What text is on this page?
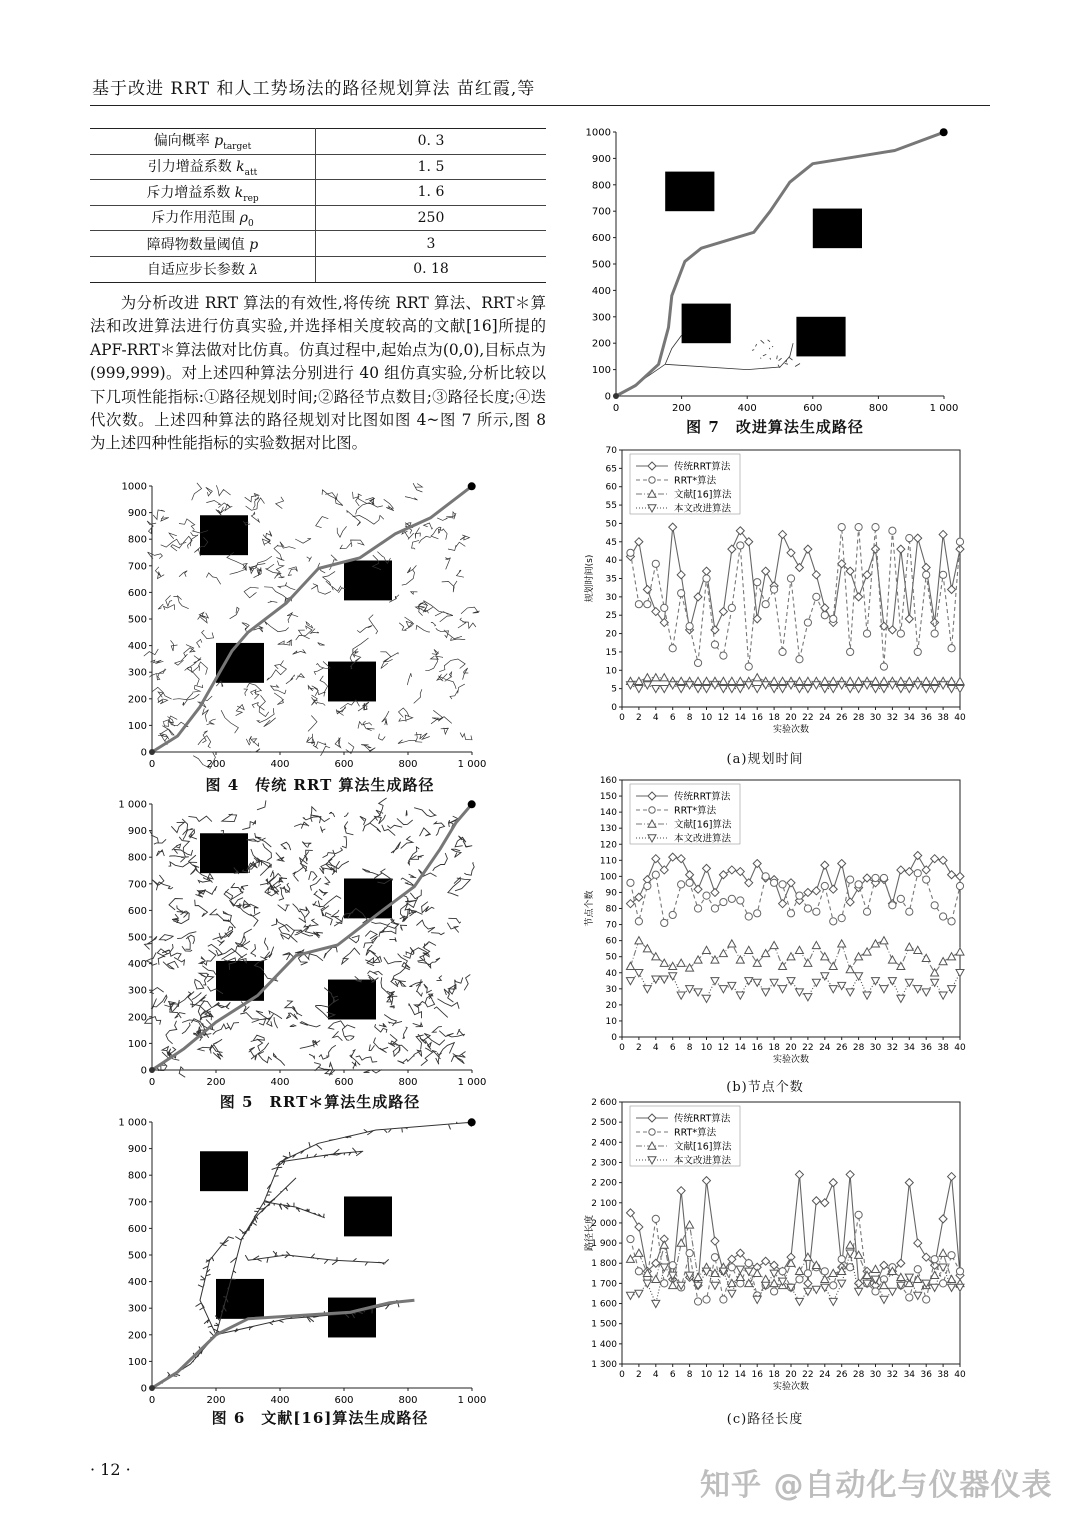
基于改进 RRT 和人工势场法的路径规划算法 苗红霞,等
偏向概率 $p_{target}$	0. 3
引力增益系数 $k_{att}$	1. 5
斥力增益系数 $k_{rep}$	1. 6
斥力作用范围 $\rho_0$	250
障碍物数量阈值 p	3
自适应步长参数 λ	0. 18
为分析改进 RRT 算法的有效性,将传统 RRT 算法、RRT＊算法和改进算法进行仿真实验,并选择相关度较高的文献[16]所提的 APF-RRT＊算法做对比仿真。仿真过程中,起始点为(0,0),目标点为(999,999)。对上述四种算法分别进行 40 组仿真实验,分析比较以下几项性能指标:①路径规划时间;②路径节点数目;③路径长度;④迭代次数。上述四种算法的路径规划对比图如图 4~图 7 所示,图 8 为上述四种性能指标的实验数据对比图。
0	200	400	600	800	1 000
0
100
200
300
400
500
600
700
800
900
1000
图 4　传统 RRT 算法生成路径
0	200	400	600	800	1 000
0
100
200
300
400
500
600
700
800
900
1 000
图 5　RRT＊算法生成路径
0	200	400	600	800	1 000
0
100
200
300
400
500
600
700
800
900
1 000
图 6　文献[16]算法生成路径
0	200	400	600	800	1 000
0
100
200
300
400
500
600
700
800
900
1000
图 7　改进算法生成路径
0
5
10
15
20
25
30
35
40
45
50
55
60
65
70
0 2 4 6 8 10 12 14 16 18 20 22 24 26 28 30 32 34 36 38 40
实验次数
规划时间(s)
传统RRT算法
RRT*算法
文献[16]算法
本文改进算法
(a)规划时间
0
10
20
30
40
50
60
70
80
90
100
110
120
130
140
150
160
0 2 4 6 8 10 12 14 16 18 20 22 24 26 28 30 32 34 36 38 40
实验次数
节点个数
传统RRT算法
RRT*算法
文献[16]算法
本文改进算法
(b)节点个数
1 300
1 400
1 500
1 600
1 700
1 800
1 900
2 000
2 100
2 200
2 300
2 400
2 500
2 600
0 2 4 6 8 10 12 14 16 18 20 22 24 26 28 30 32 34 36 38 40
实验次数
路径长度
传统RRT算法
RRT*算法
文献[16]算法
本文改进算法
(c)路径长度
· 12 ·	知乎 @自动化与仪器仪表
